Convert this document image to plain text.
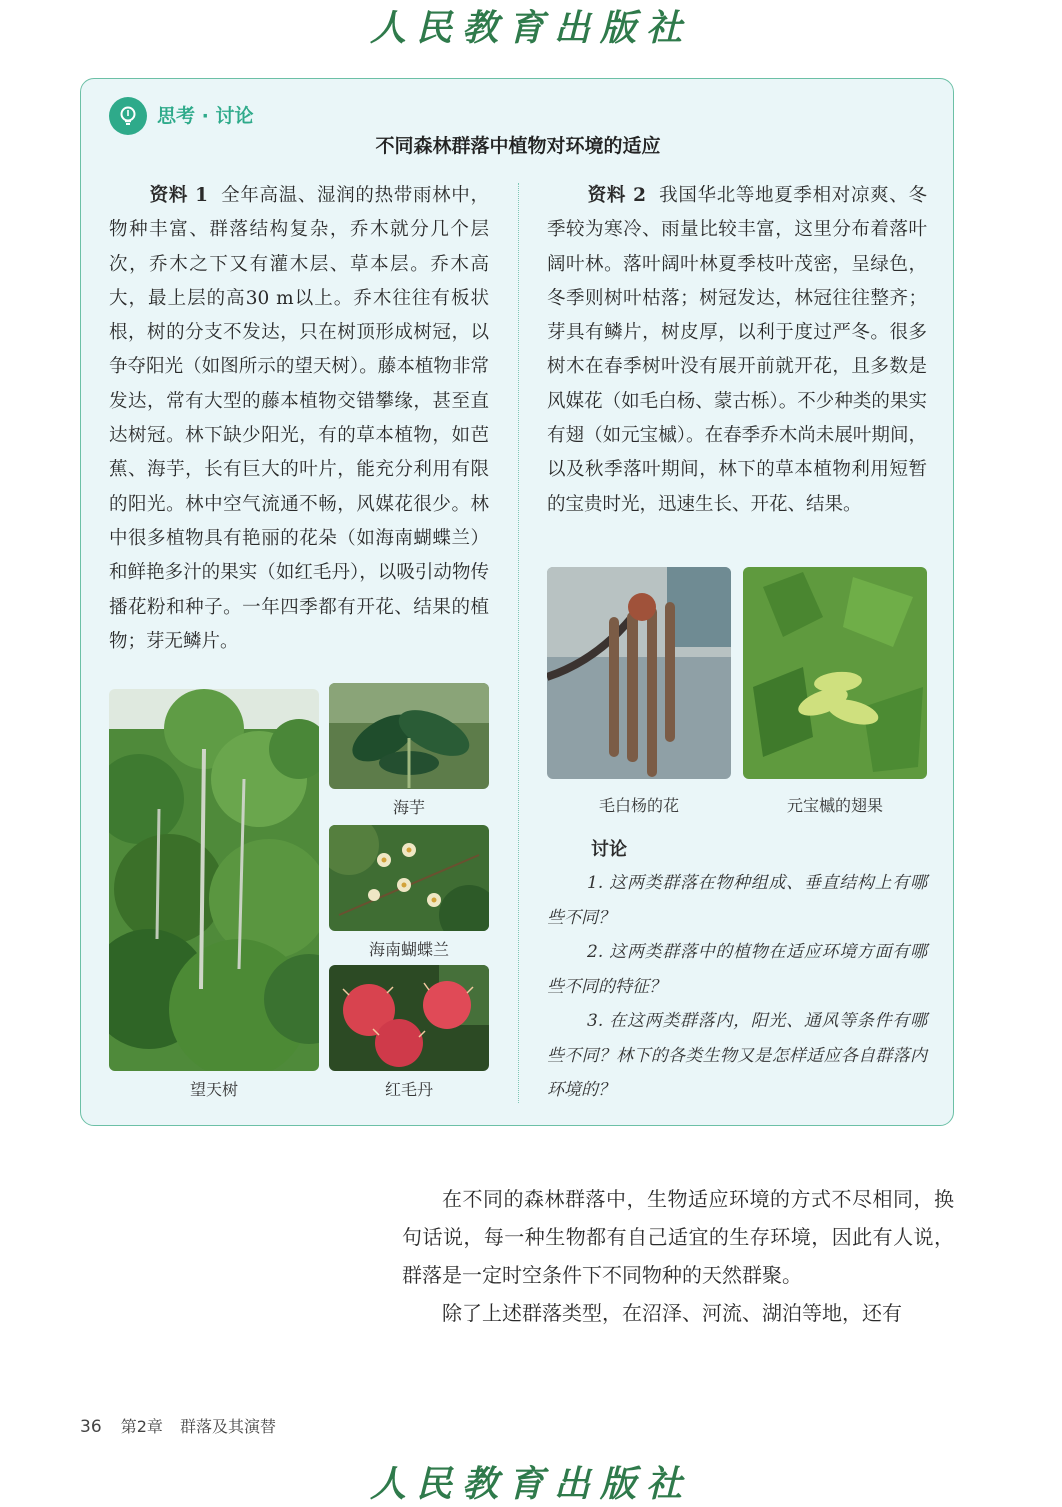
人民教育出版社
思考 · 讨论
不同森林群落中植物对环境的适应

资料 1 全年高温、湿润的热带雨林中，物种丰富、群落结构复杂，乔木就分几个层次，乔木之下又有灌木层、草本层。乔木高大，最上层的高30 m以上。乔木往往有板状根，树的分支不发达，只在树顶形成树冠，以争夺阳光（如图所示的望天树）。藤本植物非常发达，常有大型的藤本植物交错攀缘，甚至直达树冠。林下缺少阳光，有的草本植物，如芭蕉、海芋，长有巨大的叶片，能充分利用有限的阳光。林中空气流通不畅，风媒花很少。林中很多植物具有艳丽的花朵（如海南蝴蝶兰）和鲜艳多汁的果实（如红毛丹），以吸引动物传播花粉和种子。一年四季都有开花、结果的植物；芽无鳞片。

资料 2 我国华北等地夏季相对凉爽、冬季较为寒冷、雨量比较丰富，这里分布着落叶阔叶林。落叶阔叶林夏季枝叶茂密，呈绿色，冬季则树叶枯落；树冠发达，林冠往往整齐；芽具有鳞片，树皮厚，以利于度过严冬。很多树木在春季树叶没有展开前就开花，且多数是风媒花（如毛白杨、蒙古栎）。不少种类的果实有翅（如元宝槭）。在春季乔木尚未展叶期间，以及秋季落叶期间，林下的草本植物利用短暂的宝贵时光，迅速生长、开花、结果。

望天树
海芋
海南蝴蝶兰
红毛丹
毛白杨的花	元宝槭的翅果
讨论
1. 这两类群落在物种组成、垂直结构上有哪些不同？
2. 这两类群落中的植物在适应环境方面有哪些不同的特征？
3. 在这两类群落内，阳光、通风等条件有哪些不同？林下的各类生物又是怎样适应各自群落内环境的？

在不同的森林群落中，生物适应环境的方式不尽相同，换句话说，每一种生物都有自己适宜的生存环境，因此有人说，群落是一定时空条件下不同物种的天然群聚。

除了上述群落类型，在沼泽、河流、湖泊等地，还有

36 第2章 群落及其演替
人民教育出版社
